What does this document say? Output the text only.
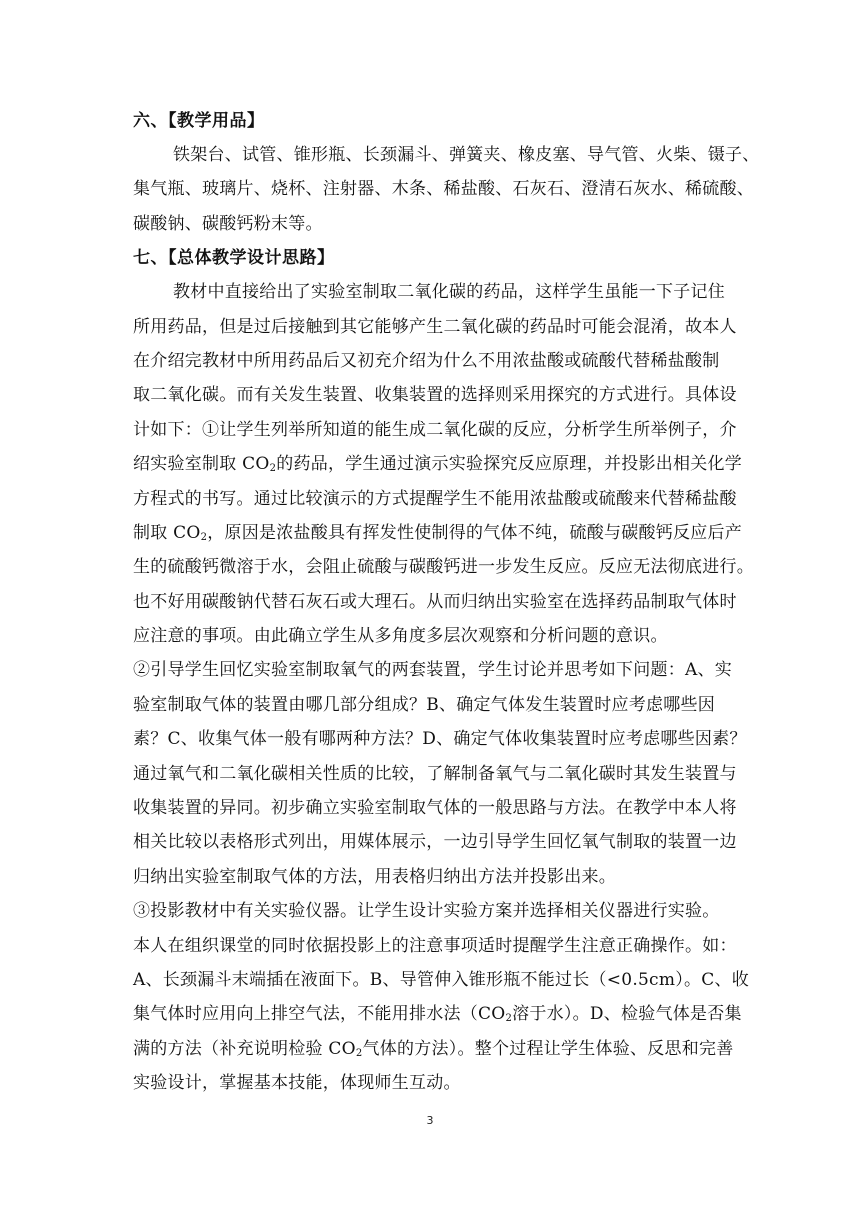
六、【教学用品】
铁架台、试管、锥形瓶、长颈漏斗、弹簧夹、橡皮塞、导气管、火柴、镊子、
集气瓶、玻璃片、烧杯、注射器、木条、稀盐酸、石灰石、澄清石灰水、稀硫酸、
碳酸钠、碳酸钙粉末等。
七、【总体教学设计思路】
教材中直接给出了实验室制取二氧化碳的药品，这样学生虽能一下子记住
所用药品，但是过后接触到其它能够产生二氧化碳的药品时可能会混淆，故本人
在介绍完教材中所用药品后又初充介绍为什么不用浓盐酸或硫酸代替稀盐酸制
取二氧化碳。而有关发生装置、收集装置的选择则采用探究的方式进行。具体设
计如下：①让学生列举所知道的能生成二氧化碳的反应，分析学生所举例子，介
绍实验室制取 $CO_2$的药品，学生通过演示实验探究反应原理，并投影出相关化学
方程式的书写。通过比较演示的方式提醒学生不能用浓盐酸或硫酸来代替稀盐酸
制取 $CO_2$，原因是浓盐酸具有挥发性使制得的气体不纯，硫酸与碳酸钙反应后产
生的硫酸钙微溶于水，会阻止硫酸与碳酸钙进一步发生反应。反应无法彻底进行。
也不好用碳酸钠代替石灰石或大理石。从而归纳出实验室在选择药品制取气体时
应注意的事项。由此确立学生从多角度多层次观察和分析问题的意识。
②引导学生回忆实验室制取氧气的两套装置，学生讨论并思考如下问题：A、实
验室制取气体的装置由哪几部分组成？B、确定气体发生装置时应考虑哪些因
素？C、收集气体一般有哪两种方法？D、确定气体收集装置时应考虑哪些因素？
通过氧气和二氧化碳相关性质的比较，了解制备氧气与二氧化碳时其发生装置与
收集装置的异同。初步确立实验室制取气体的一般思路与方法。在教学中本人将
相关比较以表格形式列出，用媒体展示，一边引导学生回忆氧气制取的装置一边
归纳出实验室制取气体的方法，用表格归纳出方法并投影出来。
③投影教材中有关实验仪器。让学生设计实验方案并选择相关仪器进行实验。
本人在组织课堂的同时依据投影上的注意事项适时提醒学生注意正确操作。如：
A、长颈漏斗末端插在液面下。B、导管伸入锥形瓶不能过长（<0.5cm）。C、收
集气体时应用向上排空气法，不能用排水法（$CO_2$溶于水）。D、检验气体是否集
满的方法（补充说明检验 $CO_2$气体的方法）。整个过程让学生体验、反思和完善
实验设计，掌握基本技能，体现师生互动。
3
